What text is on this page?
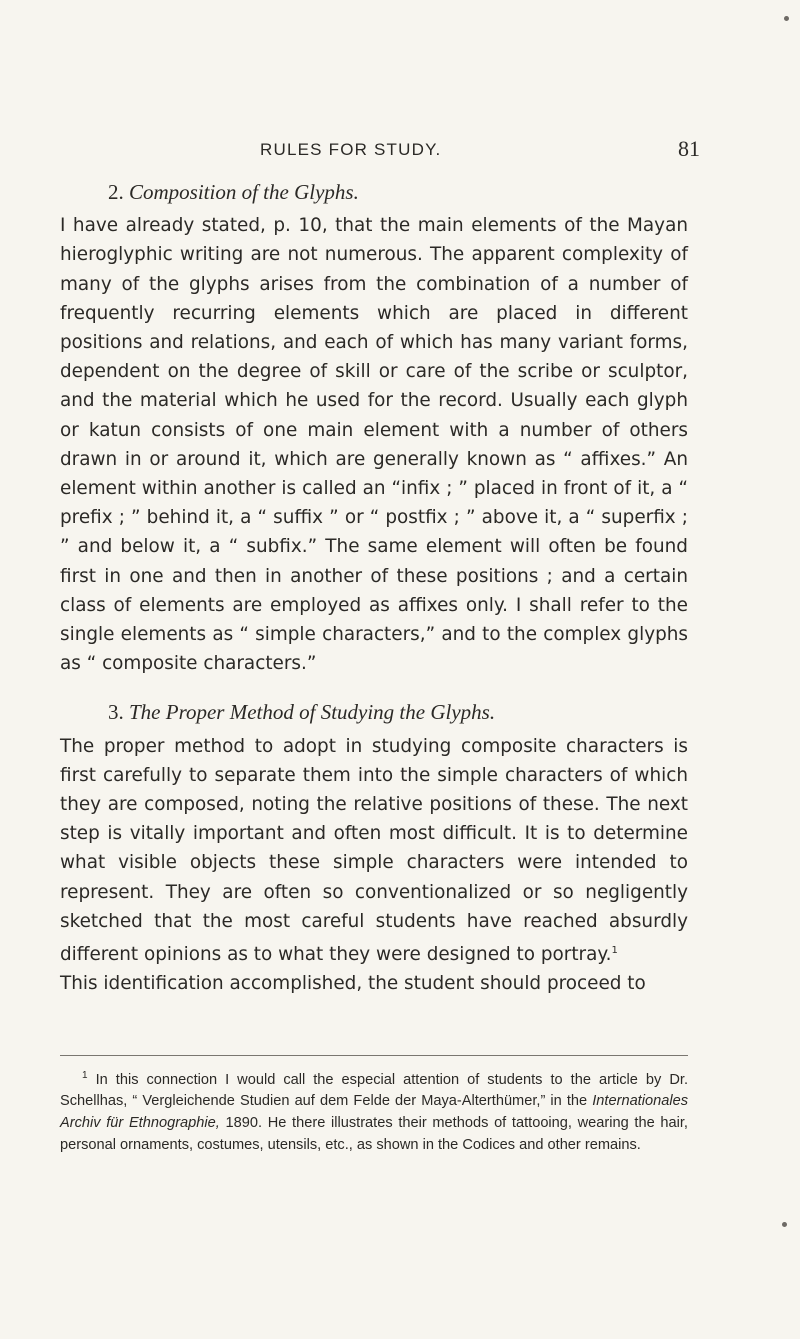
RULES FOR STUDY.	81
2. Composition of the Glyphs.

I have already stated, p. 10, that the main elements of the Mayan hieroglyphic writing are not numerous. The apparent complexity of many of the glyphs arises from the combination of a number of frequently recurring elements which are placed in different positions and relations, and each of which has many variant forms, dependent on the degree of skill or care of the scribe or sculptor, and the material which he used for the record. Usually each glyph or katun consists of one main element with a number of others drawn in or around it, which are generally known as “ affixes.” An element within another is called an “infix ; ” placed in front of it, a “ prefix ; ” behind it, a “ suffix ” or “ postfix ; ” above it, a “ superfix ; ” and below it, a “ subfix.” The same element will often be found first in one and then in another of these positions ; and a certain class of elements are employed as affixes only. I shall refer to the single elements as “ simple characters,” and to the complex glyphs as “ composite characters.”

3. The Proper Method of Studying the Glyphs.

The proper method to adopt in studying composite characters is first carefully to separate them into the simple characters of which they are composed, noting the relative positions of these. The next step is vitally important and often most difficult. It is to determine what visible objects these simple characters were intended to represent. They are often so conventionalized or so negligently sketched that the most careful students have reached absurdly different opinions as to what they were designed to portray.$^1$

This identification accomplished, the student should proceed to

$^1$ In this connection I would call the especial attention of students to the article by Dr. Schellhas, “ Vergleichende Studien auf dem Felde der Maya-Alterthümer,” in the Internationales Archiv für Ethnographie, 1890. He there illustrates their methods of tattooing, wearing the hair, personal ornaments, costumes, utensils, etc., as shown in the Codices and other remains.
